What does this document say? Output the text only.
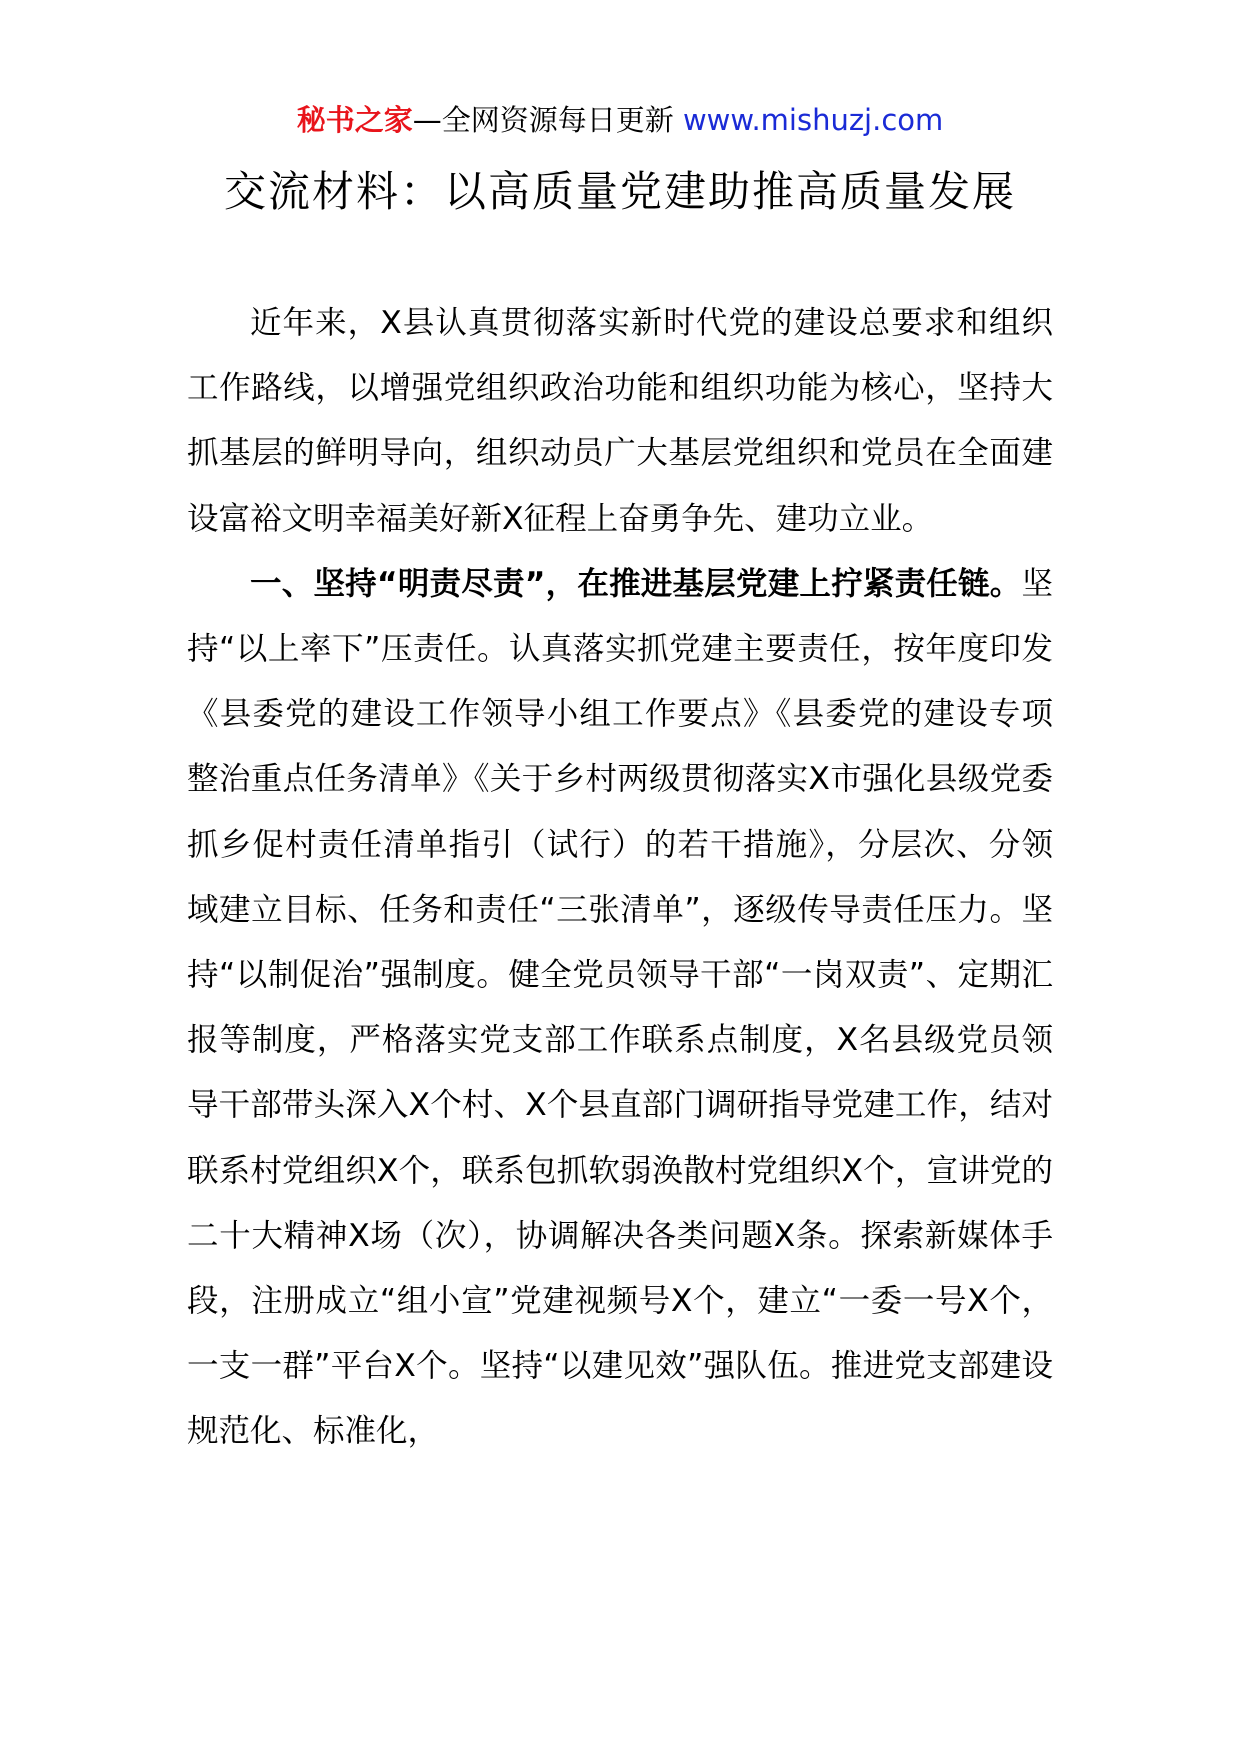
秘书之家—全网资源每日更新 www.mishuzj.com
交流材料：以高质量党建助推高质量发展

近年来，X县认真贯彻落实新时代党的建设总要求和组织工作路线，以增强党组织政治功能和组织功能为核心，坚持大抓基层的鲜明导向，组织动员广大基层党组织和党员在全面建设富裕文明幸福美好新X征程上奋勇争先、建功立业。

一、坚持“明责尽责”，在推进基层党建上拧紧责任链。坚持“以上率下”压责任。认真落实抓党建主要责任，按年度印发《县委党的建设工作领导小组工作要点》《县委党的建设专项整治重点任务清单》《关于乡村两级贯彻落实X市强化县级党委抓乡促村责任清单指引（试行）的若干措施》，分层次、分领域建立目标、任务和责任“三张清单”，逐级传导责任压力。坚持“以制促治”强制度。健全党员领导干部“一岗双责”、定期汇报等制度，严格落实党支部工作联系点制度，X名县级党员领导干部带头深入X个村、X个县直部门调研指导党建工作，结对联系村党组织X个，联系包抓软弱涣散村党组织X个，宣讲党的二十大精神X场（次），协调解决各类问题X条。探索新媒体手段，注册成立“组小宣”党建视频号X个，建立“一委一号X个，一支一群”平台X个。坚持“以建见效”强队伍。推进党支部建设规范化、标准化，
